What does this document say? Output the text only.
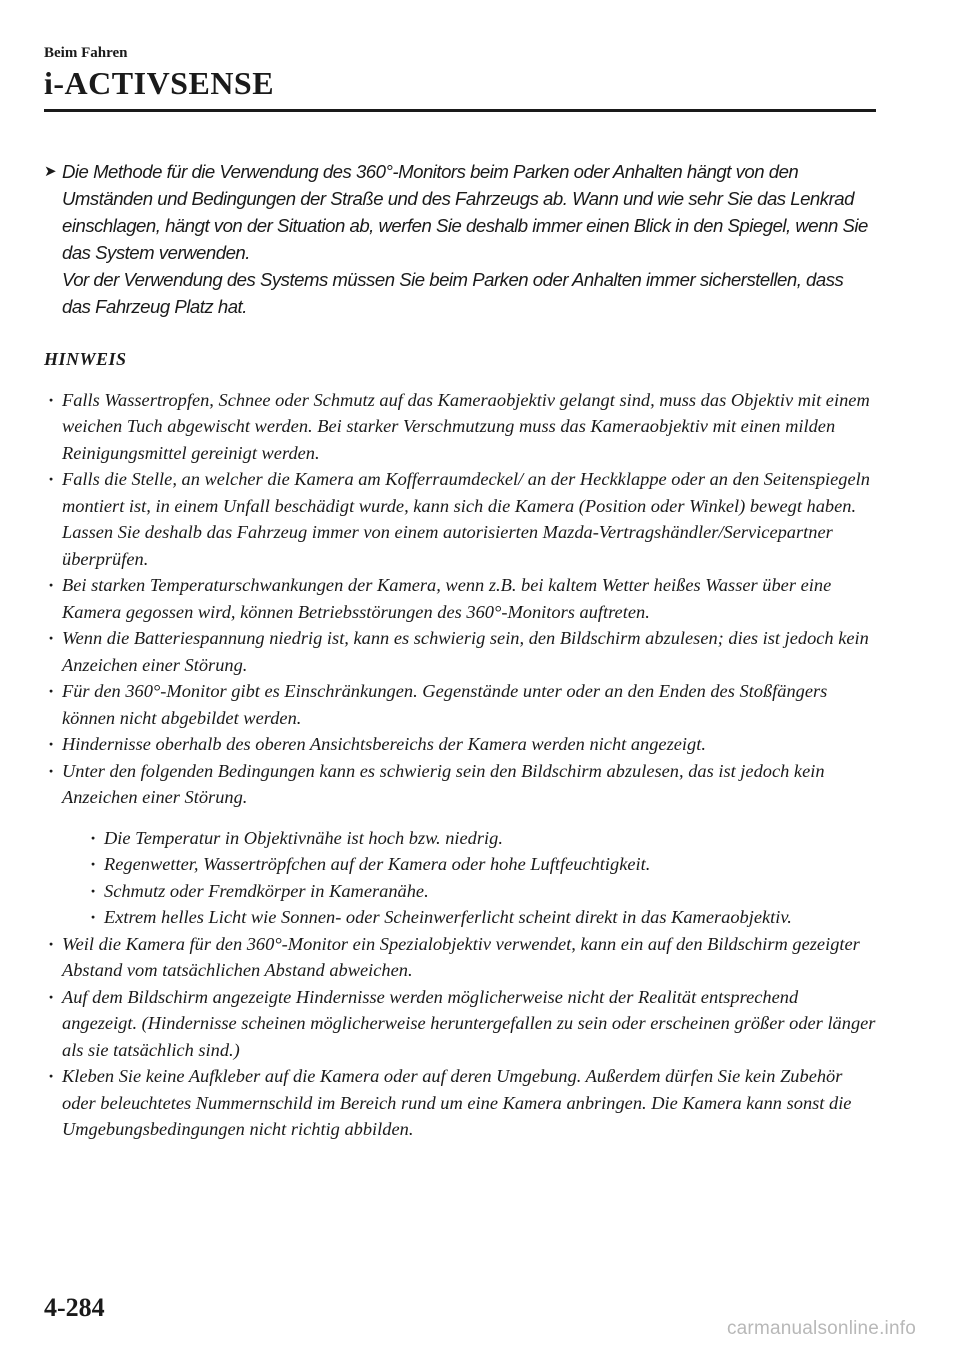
Beim Fahren

i-ACTIVSENSE
➤ Die Methode für die Verwendung des 360°-Monitors beim Parken oder Anhalten hängt von den Umständen und Bedingungen der Straße und des Fahrzeugs ab. Wann und wie sehr Sie das Lenkrad einschlagen, hängt von der Situation ab, werfen Sie deshalb immer einen Blick in den Spiegel, wenn Sie das System verwenden.

Vor der Verwendung des Systems müssen Sie beim Parken oder Anhalten immer sicherstellen, dass das Fahrzeug Platz hat.

HINWEIS

· Falls Wassertropfen, Schnee oder Schmutz auf das Kameraobjektiv gelangt sind, muss das Objektiv mit einem weichen Tuch abgewischt werden. Bei starker Verschmutzung muss das Kameraobjektiv mit einen milden Reinigungsmittel gereinigt werden.
· Falls die Stelle, an welcher die Kamera am Kofferraumdeckel/ an der Heckklappe oder an den Seitenspiegeln montiert ist, in einem Unfall beschädigt wurde, kann sich die Kamera (Position oder Winkel) bewegt haben. Lassen Sie deshalb das Fahrzeug immer von einem autorisierten Mazda-Vertragshändler/Servicepartner überprüfen.
· Bei starken Temperaturschwankungen der Kamera, wenn z.B. bei kaltem Wetter heißes Wasser über eine Kamera gegossen wird, können Betriebsstörungen des 360°-Monitors auftreten.
· Wenn die Batteriespannung niedrig ist, kann es schwierig sein, den Bildschirm abzulesen; dies ist jedoch kein Anzeichen einer Störung.
· Für den 360°-Monitor gibt es Einschränkungen. Gegenstände unter oder an den Enden des Stoßfängers können nicht abgebildet werden.
· Hindernisse oberhalb des oberen Ansichtsbereichs der Kamera werden nicht angezeigt.
· Unter den folgenden Bedingungen kann es schwierig sein den Bildschirm abzulesen, das ist jedoch kein Anzeichen einer Störung.
· Die Temperatur in Objektivnähe ist hoch bzw. niedrig.
· Regenwetter, Wassertröpfchen auf der Kamera oder hohe Luftfeuchtigkeit.
· Schmutz oder Fremdkörper in Kameranähe.
· Extrem helles Licht wie Sonnen- oder Scheinwerferlicht scheint direkt in das Kameraobjektiv.
· Weil die Kamera für den 360°-Monitor ein Spezialobjektiv verwendet, kann ein auf den Bildschirm gezeigter Abstand vom tatsächlichen Abstand abweichen.
· Auf dem Bildschirm angezeigte Hindernisse werden möglicherweise nicht der Realität entsprechend angezeigt. (Hindernisse scheinen möglicherweise heruntergefallen zu sein oder erscheinen größer oder länger als sie tatsächlich sind.)
· Kleben Sie keine Aufkleber auf die Kamera oder auf deren Umgebung. Außerdem dürfen Sie kein Zubehör oder beleuchtetes Nummernschild im Bereich rund um eine Kamera anbringen. Die Kamera kann sonst die Umgebungsbedingungen nicht richtig abbilden.
4-284
carmanualsonline.info
